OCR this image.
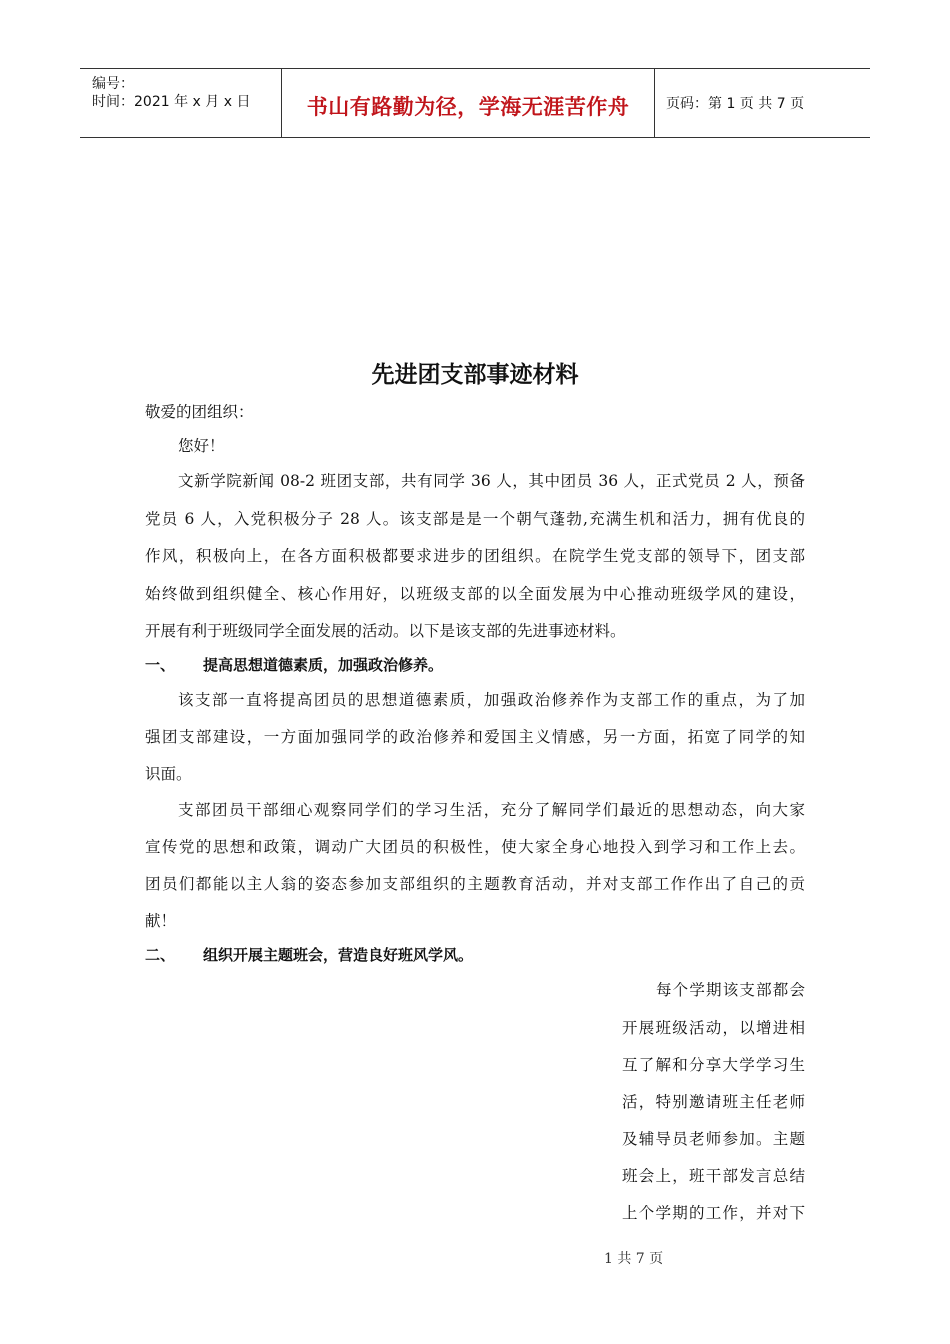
编号：
时间：2021 年 x 月 x 日	书山有路勤为径，学海无涯苦作舟	页码：第 1 页 共 7 页
先进团支部事迹材料
敬爱的团组织：
您好！
文新学院新闻 08-2 班团支部，共有同学 36 人，其中团员 36 人，正式党员 2 人，预备
党员 6 人，入党积极分子 28 人。该支部是是一个朝气蓬勃,充满生机和活力，拥有优良的
作风，积极向上，在各方面积极都要求进步的团组织。在院学生党支部的领导下，团支部
始终做到组织健全、核心作用好，以班级支部的以全面发展为中心推动班级学风的建设，
开展有利于班级同学全面发展的活动。以下是该支部的先进事迹材料。
一、 提高思想道德素质，加强政治修养。
该支部一直将提高团员的思想道德素质，加强政治修养作为支部工作的重点，为了加
强团支部建设，一方面加强同学的政治修养和爱国主义情感，另一方面，拓宽了同学的知
识面。
支部团员干部细心观察同学们的学习生活，充分了解同学们最近的思想动态，向大家
宣传党的思想和政策，调动广大团员的积极性，使大家全身心地投入到学习和工作上去。
团员们都能以主人翁的姿态参加支部组织的主题教育活动，并对支部工作作出了自己的贡
献！
二、 组织开展主题班会，营造良好班风学风。
每个学期该支部都会
开展班级活动，以增进相
互了解和分享大学学习生
活，特别邀请班主任老师
及辅导员老师参加。主题
班会上，班干部发言总结
上个学期的工作，并对下
1 共 7 页
